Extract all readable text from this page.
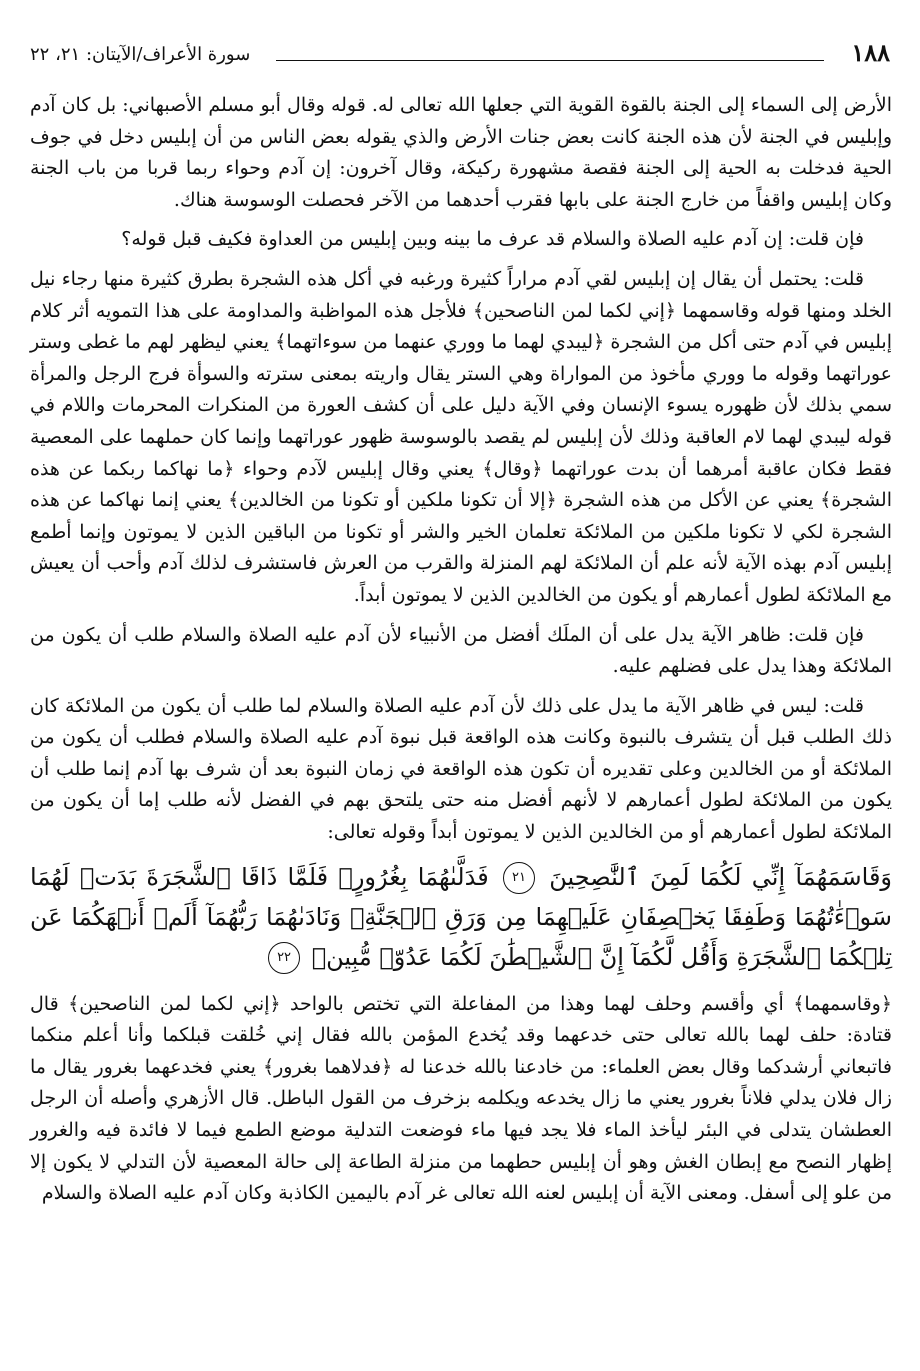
١٨٨
سورة الأعراف/الآيتان: ٢١، ٢٢

الأرض إلى السماء إلى الجنة بالقوة القوية التي جعلها الله تعالى له. قوله وقال أبو مسلم الأصبهاني: بل كان آدم وإبليس في الجنة لأن هذه الجنة كانت بعض جنات الأرض والذي يقوله بعض الناس من أن إبليس دخل في جوف الحية فدخلت به الحية إلى الجنة فقصة مشهورة ركيكة، وقال آخرون: إن آدم وحواء ربما قربا من باب الجنة وكان إبليس واقفاً من خارج الجنة على بابها فقرب أحدهما من الآخر فحصلت الوسوسة هناك.

فإن قلت: إن آدم عليه الصلاة والسلام قد عرف ما بينه وبين إبليس من العداوة فكيف قبل قوله؟

قلت: يحتمل أن يقال إن إبليس لقي آدم مراراً كثيرة ورغبه في أكل هذه الشجرة بطرق كثيرة منها رجاء نيل الخلد ومنها قوله وقاسمهما ﴿إني لكما لمن الناصحين﴾ فلأجل هذه المواظبة والمداومة على هذا التمويه أثر كلام إبليس في آدم حتى أكل من الشجرة ﴿ليبدي لهما ما ووري عنهما من سوءاتهما﴾ يعني ليظهر لهم ما غطى وستر عوراتهما وقوله ما ووري مأخوذ من المواراة وهي الستر يقال واريته بمعنى سترته والسوأة فرج الرجل والمرأة سمي بذلك لأن ظهوره يسوء الإنسان وفي الآية دليل على أن كشف العورة من المنكرات المحرمات واللام في قوله ليبدي لهما لام العاقبة وذلك لأن إبليس لم يقصد بالوسوسة ظهور عوراتهما وإنما كان حملهما على المعصية فقط فكان عاقبة أمرهما أن بدت عوراتهما ﴿وقال﴾ يعني وقال إبليس لآدم وحواء ﴿ما نهاكما ربكما عن هذه الشجرة﴾ يعني عن الأكل من هذه الشجرة ﴿إلا أن تكونا ملكين أو تكونا من الخالدين﴾ يعني إنما نهاكما عن هذه الشجرة لكي لا تكونا ملكين من الملائكة تعلمان الخير والشر أو تكونا من الباقين الذين لا يموتون وإنما أطمع إبليس آدم بهذه الآية لأنه علم أن الملائكة لهم المنزلة والقرب من العرش فاستشرف لذلك آدم وأحب أن يعيش مع الملائكة لطول أعمارهم أو يكون من الخالدين الذين لا يموتون أبداً.

فإن قلت: ظاهر الآية يدل على أن الملَك أفضل من الأنبياء لأن آدم عليه الصلاة والسلام طلب أن يكون من الملائكة وهذا يدل على فضلهم عليه.

قلت: ليس في ظاهر الآية ما يدل على ذلك لأن آدم عليه الصلاة والسلام لما طلب أن يكون من الملائكة كان ذلك الطلب قبل أن يتشرف بالنبوة وكانت هذه الواقعة قبل نبوة آدم عليه الصلاة والسلام فطلب أن يكون من الملائكة أو من الخالدين وعلى تقديره أن تكون هذه الواقعة في زمان النبوة بعد أن شرف بها آدم إنما طلب أن يكون من الملائكة لطول أعمارهم لا لأنهم أفضل منه حتى يلتحق بهم في الفضل لأنه طلب إما أن يكون من الملائكة لطول أعمارهم أو من الخالدين الذين لا يموتون أبداً وقوله تعالى:

وَقَاسَمَهُمَآ إِنِّي لَكُمَا لَمِنَ ٱلنَّٰصِحِينَ ٢١ فَدَلَّىٰهُمَا بِغُرُورٍۚ فَلَمَّا ذَاقَا ٱلشَّجَرَةَ بَدَتۡ لَهُمَا سَوۡءَٰتُهُمَا وَطَفِقَا يَخۡصِفَانِ عَلَيۡهِمَا مِن وَرَقِ ٱلۡجَنَّةِۖ وَنَادَىٰهُمَا رَبُّهُمَآ أَلَمۡ أَنۡهَكُمَا عَن تِلۡكُمَا ٱلشَّجَرَةِ وَأَقُل لَّكُمَآ إِنَّ ٱلشَّيۡطَٰنَ لَكُمَا عَدُوّٞ مُّبِينٞ ٢٢

﴿وقاسمهما﴾ أي وأقسم وحلف لهما وهذا من المفاعلة التي تختص بالواحد ﴿إني لكما لمن الناصحين﴾ قال قتادة: حلف لهما بالله تعالى حتى خدعهما وقد يُخدع المؤمن بالله فقال إني خُلقت قبلكما وأنا أعلم منكما فاتبعاني أرشدكما وقال بعض العلماء: من خادعنا بالله خدعنا له ﴿فدلاهما بغرور﴾ يعني فخدعهما بغرور يقال ما زال فلان يدلي فلاناً بغرور يعني ما زال يخدعه ويكلمه بزخرف من القول الباطل. قال الأزهري وأصله أن الرجل العطشان يتدلى في البئر ليأخذ الماء فلا يجد فيها ماء فوضعت التدلية موضع الطمع فيما لا فائدة فيه والغرور إظهار النصح مع إبطان الغش وهو أن إبليس حطهما من منزلة الطاعة إلى حالة المعصية لأن التدلي لا يكون إلا من علو إلى أسفل. ومعنى الآية أن إبليس لعنه الله تعالى غر آدم باليمين الكاذبة وكان آدم عليه الصلاة والسلام
